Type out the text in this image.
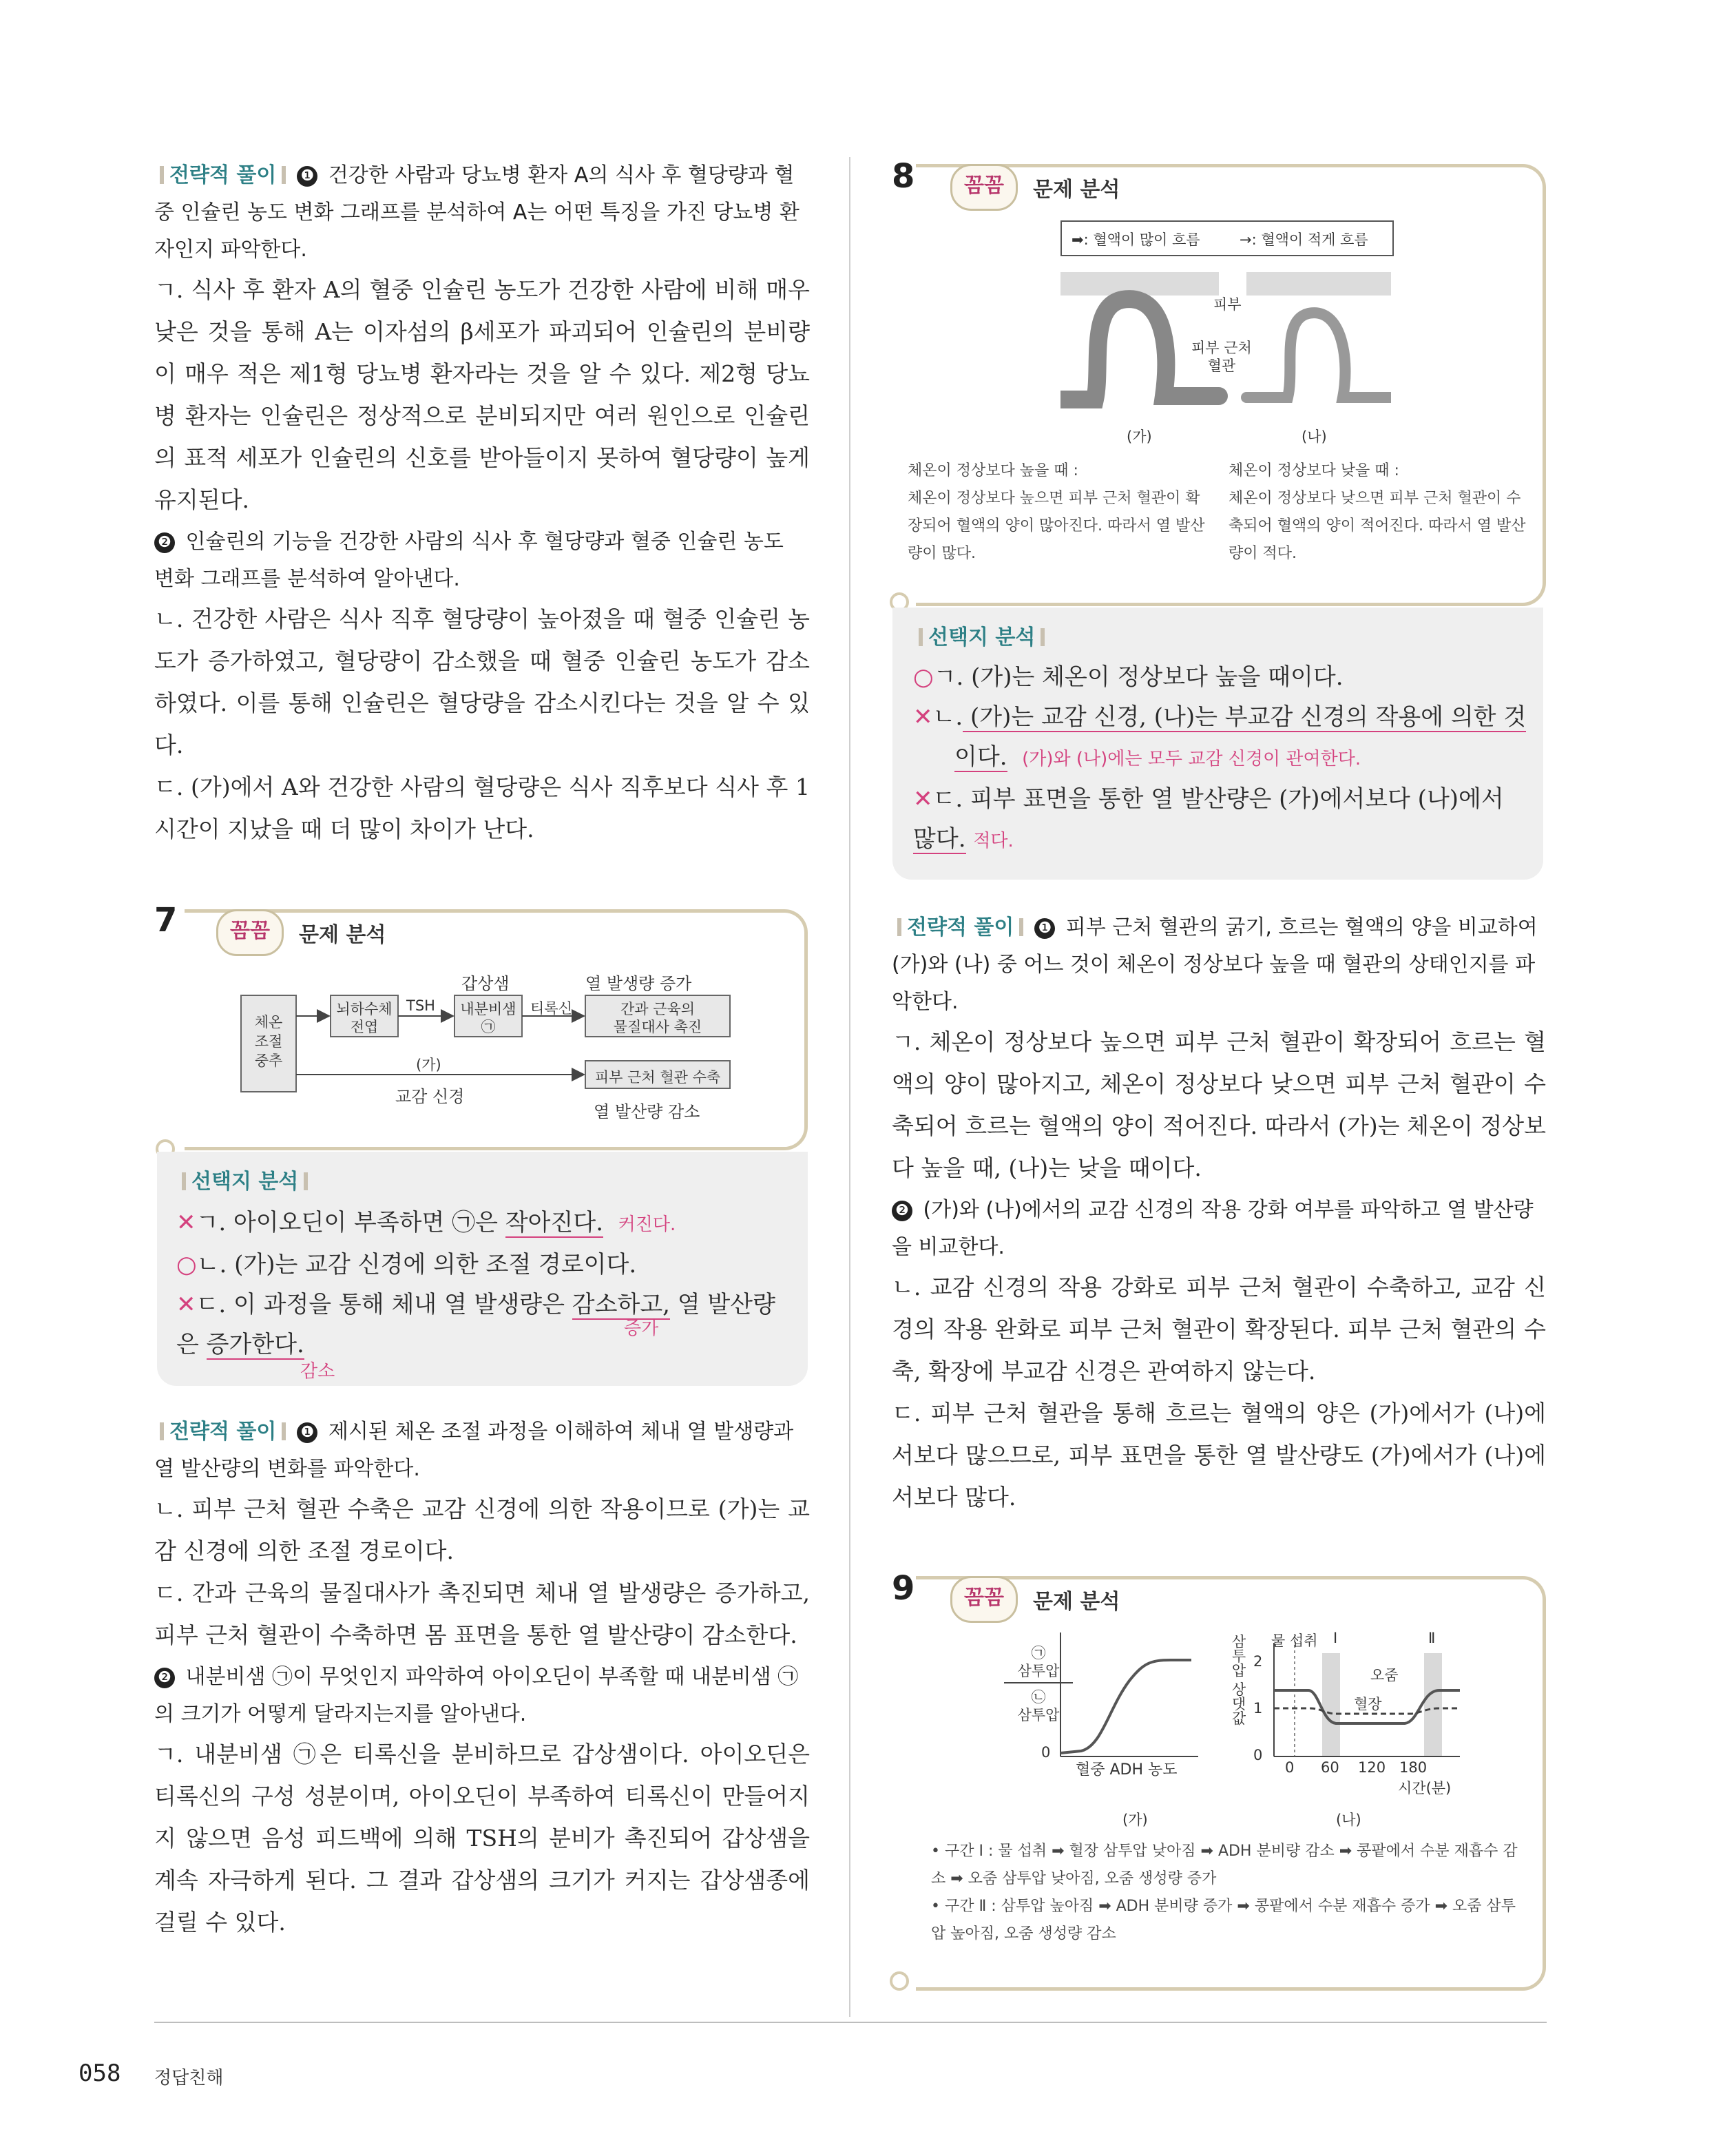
전략적 풀이 ❶ 건강한 사람과 당뇨병 환자 A의 식사 후 혈당량과 혈중 인슐린 농도 변화 그래프를 분석하여 A는 어떤 특징을 가진 당뇨병 환자인지 파악한다.

ㄱ. 식사 후 환자 A의 혈중 인슐린 농도가 건강한 사람에 비해 매우 낮은 것을 통해 A는 이자섬의 β세포가 파괴되어 인슐린의 분비량이 매우 적은 제1형 당뇨병 환자라는 것을 알 수 있다. 제2형 당뇨병 환자는 인슐린은 정상적으로 분비되지만 여러 원인으로 인슐린의 표적 세포가 인슐린의 신호를 받아들이지 못하여 혈당량이 높게 유지된다.

❷ 인슐린의 기능을 건강한 사람의 식사 후 혈당량과 혈중 인슐린 농도 변화 그래프를 분석하여 알아낸다.

ㄴ. 건강한 사람은 식사 직후 혈당량이 높아졌을 때 혈중 인슐린 농도가 증가하였고, 혈당량이 감소했을 때 혈중 인슐린 농도가 감소하였다. 이를 통해 인슐린은 혈당량을 감소시킨다는 것을 알 수 있다.

ㄷ. (가)에서 A와 건강한 사람의 혈당량은 식사 직후보다 식사 후 1시간이 지났을 때 더 많이 차이가 난다.

7	꼼꼼	문제 분석
체온
조절
중추
뇌하수체
전엽
TSH
갑상샘
내분비샘
㉠
티록신
열 발생량 증가
간과 근육의
물질대사 촉진
(가)
피부 근처 혈관 수축
교감 신경
열 발산량 감소
선택지 분석

✕ㄱ. 아이오딘이 부족하면 ㉠은 작아진다. 커진다.

○ㄴ. (가)는 교감 신경에 의한 조절 경로이다.

✕ㄷ. 이 과정을 통해 체내 열 발생량은 감소하고, 열 발산량은 증가한다.

증가
감소

전략적 풀이 ❶ 제시된 체온 조절 과정을 이해하여 체내 열 발생량과 열 발산량의 변화를 파악한다.

ㄴ. 피부 근처 혈관 수축은 교감 신경에 의한 작용이므로 (가)는 교감 신경에 의한 조절 경로이다.

ㄷ. 간과 근육의 물질대사가 촉진되면 체내 열 발생량은 증가하고, 피부 근처 혈관이 수축하면 몸 표면을 통한 열 발산량이 감소한다.

❷ 내분비샘 ㉠이 무엇인지 파악하여 아이오딘이 부족할 때 내분비샘 ㉠의 크기가 어떻게 달라지는지를 알아낸다.

ㄱ. 내분비샘 ㉠은 티록신을 분비하므로 갑상샘이다. 아이오딘은 티록신의 구성 성분이며, 아이오딘이 부족하여 티록신이 만들어지지 않으면 음성 피드백에 의해 TSH의 분비가 촉진되어 갑상샘을 계속 자극하게 된다. 그 결과 갑상샘의 크기가 커지는 갑상샘종에 걸릴 수 있다.

8	꼼꼼	문제 분석
➡: 혈액이 많이 흐름	→: 혈액이 적게 흐름
피부
피부 근처
혈관
(가)	(나)

체온이 정상보다 높을 때 :
체온이 정상보다 높으면 피부 근처 혈관이 확장되어 혈액의 양이 많아진다. 따라서 열 발산량이 많다.

체온이 정상보다 낮을 때 :
체온이 정상보다 낮으면 피부 근처 혈관이 수축되어 혈액의 양이 적어진다. 따라서 열 발산량이 적다.

선택지 분석

○ㄱ. (가)는 체온이 정상보다 높을 때이다.

✕ㄴ. (가)는 교감 신경, (나)는 부교감 신경의 작용에 의한 것

이다. (가)와 (나)에는 모두 교감 신경이 관여한다.

✕ㄷ. 피부 표면을 통한 열 발산량은 (가)에서보다 (나)에서 많다. 적다.

전략적 풀이 ❶ 피부 근처 혈관의 굵기, 흐르는 혈액의 양을 비교하여 (가)와 (나) 중 어느 것이 체온이 정상보다 높을 때 혈관의 상태인지를 파악한다.

ㄱ. 체온이 정상보다 높으면 피부 근처 혈관이 확장되어 흐르는 혈액의 양이 많아지고, 체온이 정상보다 낮으면 피부 근처 혈관이 수축되어 흐르는 혈액의 양이 적어진다. 따라서 (가)는 체온이 정상보다 높을 때, (나)는 낮을 때이다.

❷ (가)와 (나)에서의 교감 신경의 작용 강화 여부를 파악하고 열 발산량을 비교한다.

ㄴ. 교감 신경의 작용 강화로 피부 근처 혈관이 수축하고, 교감 신경의 작용 완화로 피부 근처 혈관이 확장된다. 피부 근처 혈관의 수축, 확장에 부교감 신경은 관여하지 않는다.

ㄷ. 피부 근처 혈관을 통해 흐르는 혈액의 양은 (가)에서가 (나)에서보다 많으므로, 피부 표면을 통한 열 발산량도 (가)에서가 (나)에서보다 많다.

9	꼼꼼	문제 분석
㉠
삼투압
㉡
삼투압
0
혈중 ADH 농도
(가)
삼투압 상댓값 2
1
0
물 섭취 Ⅰ	Ⅱ
오줌
혈장
0 60 120 180
시간(분)
(나)

• 구간 Ⅰ : 물 섭취 ➡ 혈장 삼투압 낮아짐 ➡ ADH 분비량 감소 ➡ 콩팥에서 수분 재흡수 감소 ➡ 오줌 삼투압 낮아짐, 오줌 생성량 증가

• 구간 Ⅱ : 삼투압 높아짐 ➡ ADH 분비량 증가 ➡ 콩팥에서 수분 재흡수 증가 ➡ 오줌 삼투압 높아짐, 오줌 생성량 감소

058 정답친해
